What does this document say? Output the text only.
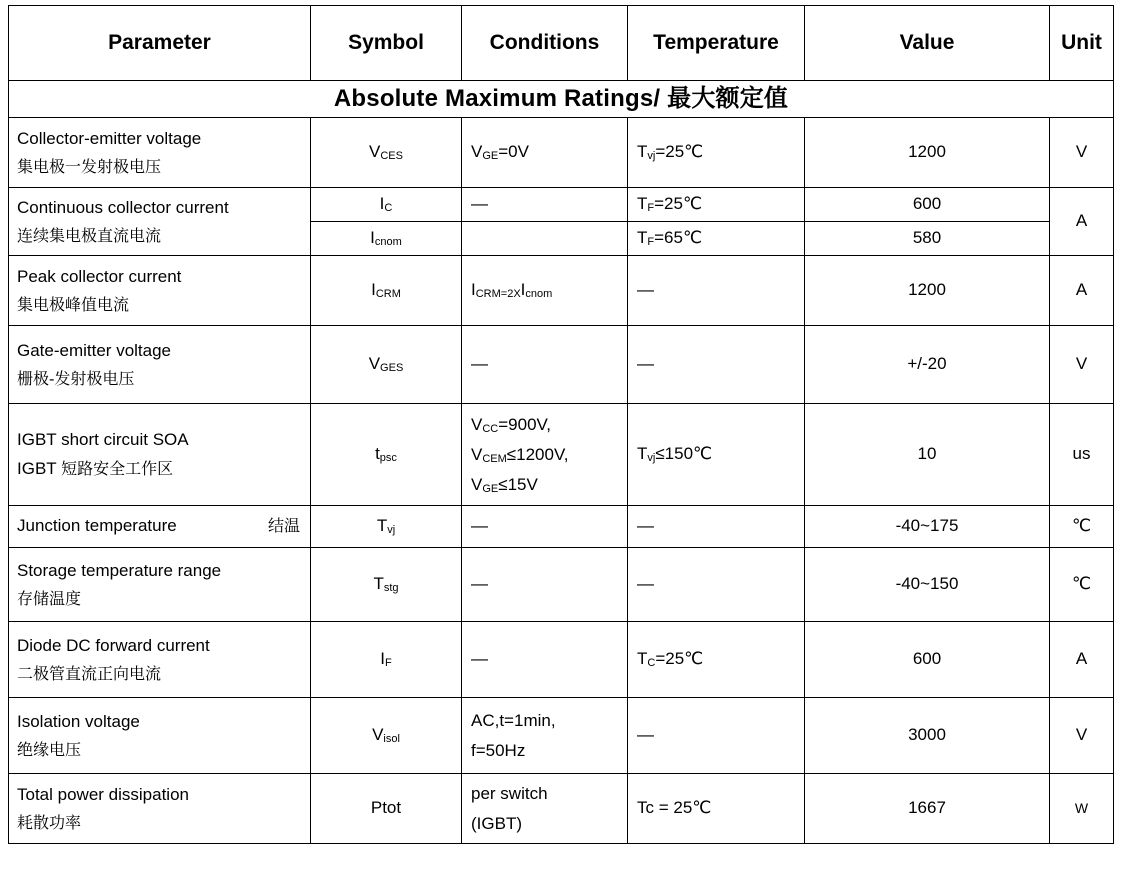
Parameter	Symbol	Conditions	Temperature	Value	Unit
Absolute Maximum Ratings/ 最大额定值					
Collector-emitter voltage
集电极一发射极电压	$V_{CES}$	$V_{GE}=0V$	$T_{vj}=25℃$	1200	V
Continuous collector current
连续集电极直流电流	$I_C$	—	$T_F=25℃$	600	A
	$I_{cnom}$		$T_F=65℃$	580	
Peak collector current
集电极峰值电流	$I_{CRM}$	$I_{CRM=2X}I_{cnom}$	—	1200	A
Gate-emitter voltage
栅极-发射极电压	$V_{GES}$	—	—	+/-20	V
IGBT short circuit SOA
IGBT 短路安全工作区	$t_{psc}$	$V_{CC}=900V$,
$V_{CEM}\le 1200V$,
$V_{GE}\le 15V$	$T_{vj}\le 150℃$	10	us

Junction temperature 结温	$T_{vj}$	—	—	-40~175	℃
Storage temperature range
存储温度	$T_{stg}$	—	—	-40~150	℃
Diode DC forward current
二极管直流正向电流	$I_F$	—	$T_C=25℃$	600	A
Isolation voltage
绝缘电压	$V_{isol}$	AC,t=1min,
f=50Hz	—	3000	V
Total power dissipation
耗散功率	Ptot	per switch
(IGBT)	Tc = 25℃	1667	W
